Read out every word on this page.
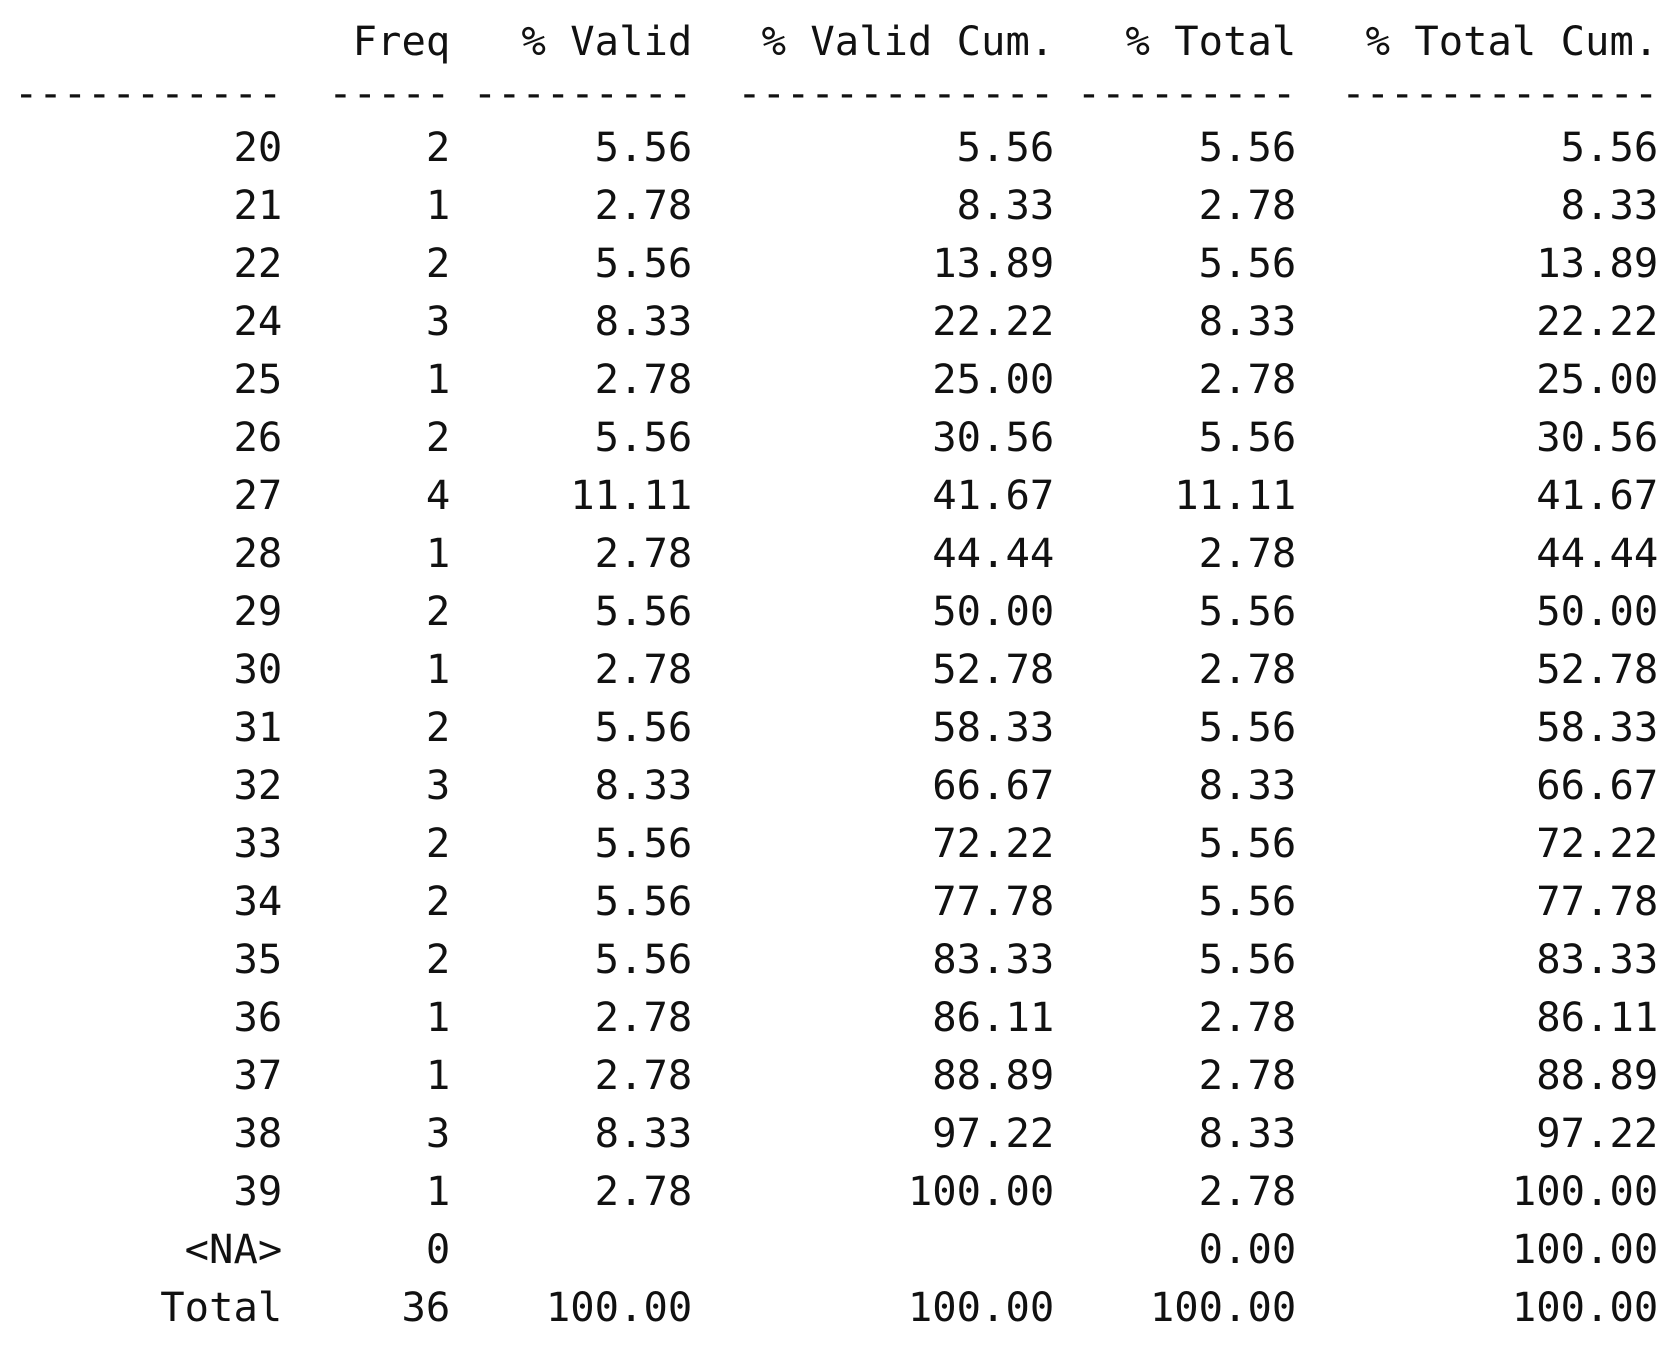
	Freq	% Valid	% Valid Cum.	% Total	% Total Cum.
-----------	-----	---------	-------------	---------	-------------
20	2	5.56	5.56	5.56	5.56
21	1	2.78	8.33	2.78	8.33
22	2	5.56	13.89	5.56	13.89
24	3	8.33	22.22	8.33	22.22
25	1	2.78	25.00	2.78	25.00
26	2	5.56	30.56	5.56	30.56
27	4	11.11	41.67	11.11	41.67
28	1	2.78	44.44	2.78	44.44
29	2	5.56	50.00	5.56	50.00
30	1	2.78	52.78	2.78	52.78
31	2	5.56	58.33	5.56	58.33
32	3	8.33	66.67	8.33	66.67
33	2	5.56	72.22	5.56	72.22
34	2	5.56	77.78	5.56	77.78
35	2	5.56	83.33	5.56	83.33
36	1	2.78	86.11	2.78	86.11
37	1	2.78	88.89	2.78	88.89
38	3	8.33	97.22	8.33	97.22
39	1	2.78	100.00	2.78	100.00
<NA>	0			0.00	100.00
Total	36	100.00	100.00	100.00	100.00
